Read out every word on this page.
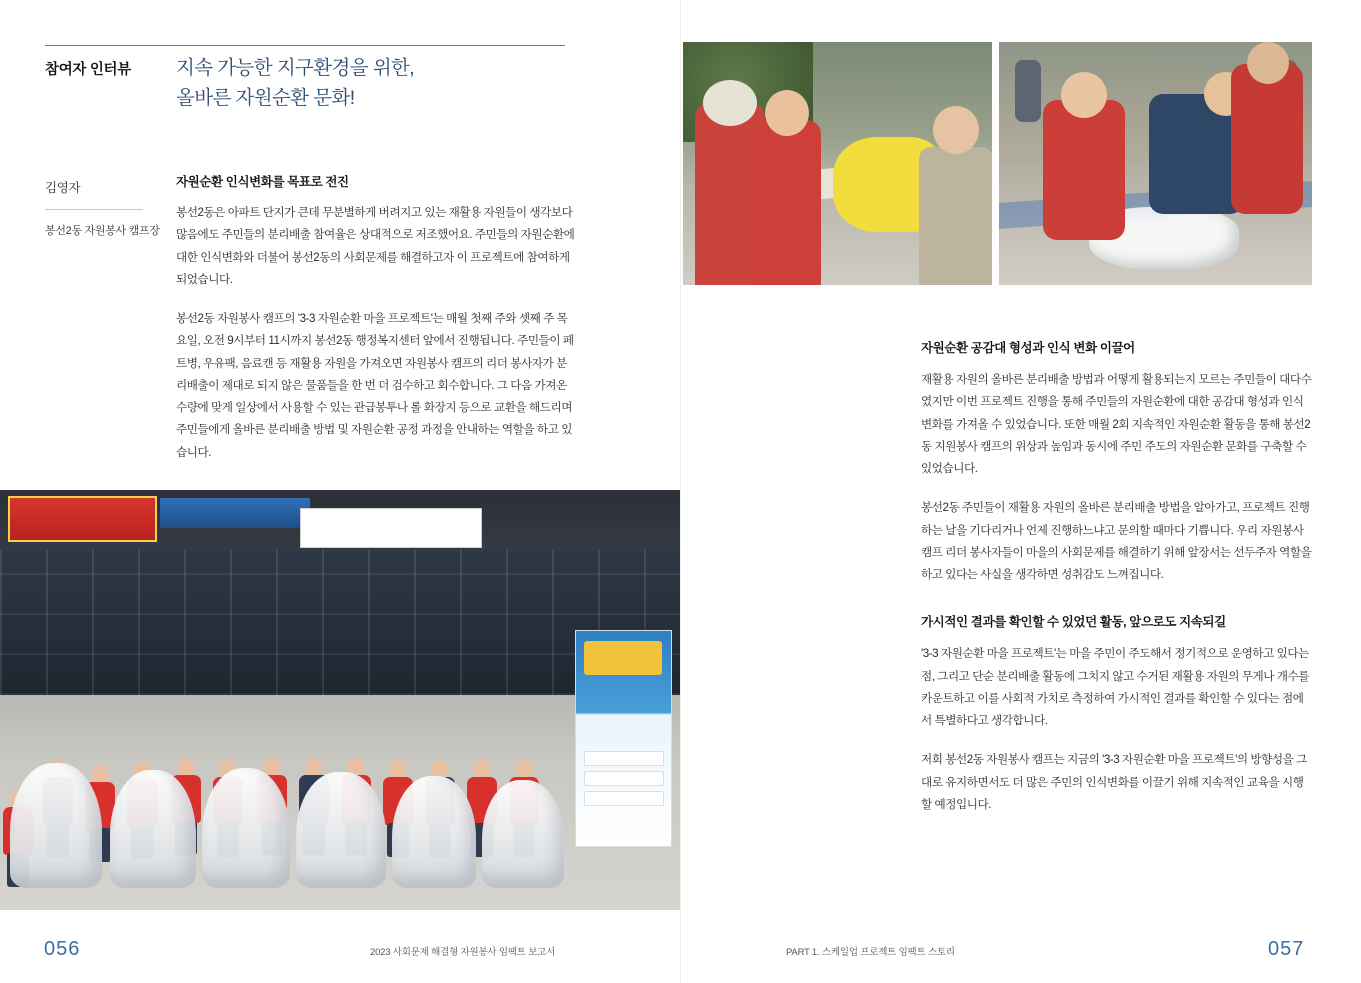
참여자 인터뷰 지속 가능한 지구환경을 위한,
올바른 자원순환 문화!
김영자
봉선2동 자원봉사 캠프장
자원순환 인식변화를 목표로 전진

봉선2동은 아파트 단지가 큰데 무분별하게 버려지고 있는 재활용 자원들이 생각보다 많음에도 주민들의 분리배출 참여율은 상대적으로 저조했어요. 주민들의 자원순환에 대한 인식변화와 더불어 봉선2동의 사회문제를 해결하고자 이 프로젝트에 참여하게 되었습니다.

봉선2동 자원봉사 캠프의 '3-3 자원순환 마을 프로젝트'는 매월 첫째 주와 셋째 주 목요일, 오전 9시부터 11시까지 봉선2동 행정복지센터 앞에서 진행됩니다. 주민들이 페트병, 우유팩, 음료캔 등 재활용 자원을 가져오면 자원봉사 캠프의 리더 봉사자가 분리배출이 제대로 되지 않은 물품들을 한 번 더 검수하고 회수합니다. 그 다음 가져온 수량에 맞게 일상에서 사용할 수 있는 관급봉투나 롤 화장지 등으로 교환을 해드리며 주민들에게 올바른 분리배출 방법 및 자원순환 공정 과정을 안내하는 역할을 하고 있습니다.

056	2023 사회문제 해결형 자원봉사 임팩트 보고서
자원순환 공감대 형성과 인식 변화 이끌어

재활용 자원의 올바른 분리배출 방법과 어떻게 활용되는지 모르는 주민들이 대다수였지만 이번 프로젝트 진행을 통해 주민들의 자원순환에 대한 공감대 형성과 인식변화를 가져올 수 있었습니다. 또한 매월 2회 지속적인 자원순환 활동을 통해 봉선2동 지원봉사 캠프의 위상과 높임과 동시에 주민 주도의 자원순환 문화를 구축할 수 있었습니다.

봉선2동 주민들이 재활용 자원의 올바른 분리배출 방법을 알아가고, 프로젝트 진행하는 날을 기다리거나 언제 진행하느냐고 문의할 때마다 기쁩니다. 우리 자원봉사 캠프 리더 봉사자들이 마을의 사회문제를 해결하기 위해 앞장서는 선두주자 역할을 하고 있다는 사실을 생각하면 성취감도 느껴집니다.

가시적인 결과를 확인할 수 있었던 활동, 앞으로도 지속되길

'3-3 자원순환 마을 프로젝트'는 마을 주민이 주도해서 정기적으로 운영하고 있다는 점, 그리고 단순 분리배출 활동에 그치지 않고 수거된 재활용 자원의 무게나 개수를 카운트하고 이를 사회적 가치로 측정하여 가시적인 결과를 확인할 수 있다는 점에서 특별하다고 생각합니다.

저희 봉선2동 자원봉사 캠프는 지금의 '3-3 자원순환 마을 프로젝트'의 방향성을 그대로 유지하면서도 더 많은 주민의 인식변화를 이끌기 위해 지속적인 교육을 시행할 예정입니다.

057
PART 1. 스케일업 프로젝트 임팩트 스토리
